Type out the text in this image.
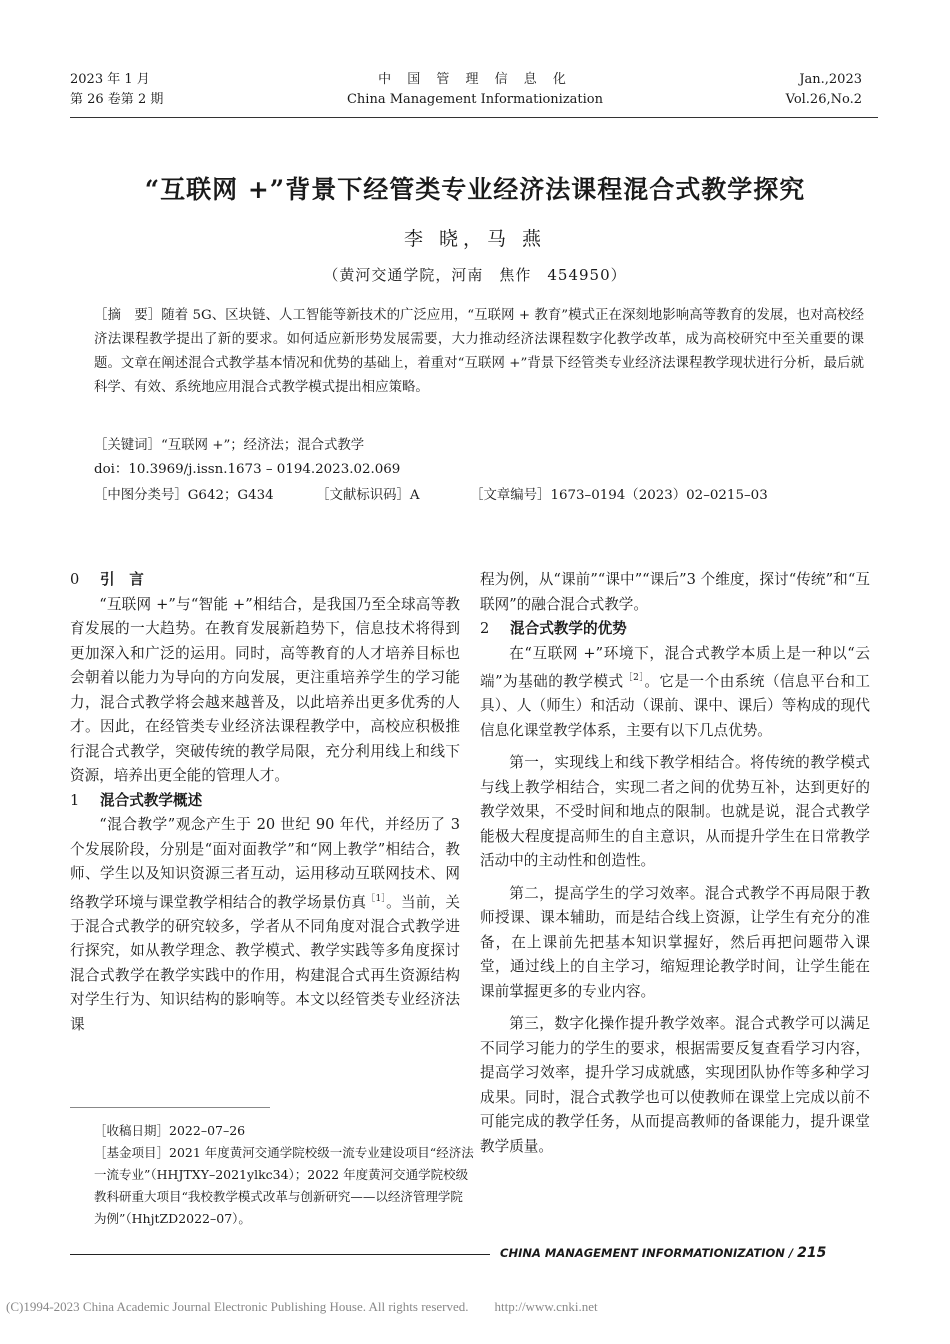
2023 年 1 月
第 26 卷第 2 期
中 国 管 理 信 息 化
China Management Informationization
Jan.,2023
Vol.26,No.2
“互联网 +”背景下经管类专业经济法课程混合式教学探究
李 晓，马 燕
（黄河交通学院，河南　焦作　454950）
［摘　要］随着 5G、区块链、人工智能等新技术的广泛应用，“互联网 + 教育”模式正在深刻地影响高等教育的发展，也对高校经济法课程教学提出了新的要求。如何适应新形势发展需要，大力推动经济法课程数字化教学改革，成为高校研究中至关重要的课题。文章在阐述混合式教学基本情况和优势的基础上，着重对“互联网 +”背景下经管类专业经济法课程教学现状进行分析，最后就科学、有效、系统地应用混合式教学模式提出相应策略。
［关键词］“互联网 +”；经济法；混合式教学
doi：10.3969/j.issn.1673 – 0194.2023.02.069
［中图分类号］G642；G434	［文献标识码］A	［文章编号］1673–0194（2023）02–0215–03
0 引　言

“互联网 +”与“智能 +”相结合，是我国乃至全球高等教育发展的一大趋势。在教育发展新趋势下，信息技术将得到更加深入和广泛的运用。同时，高等教育的人才培养目标也会朝着以能力为导向的方向发展，更注重培养学生的学习能力，混合式教学将会越来越普及，以此培养出更多优秀的人才。因此，在经管类专业经济法课程教学中，高校应积极推行混合式教学，突破传统的教学局限，充分利用线上和线下资源，培养出更全能的管理人才。

1 混合式教学概述

“混合教学”观念产生于 20 世纪 90 年代，并经历了 3 个发展阶段，分别是“面对面教学”和“网上教学”相结合，教师、学生以及知识资源三者互动，运用移动互联网技术、网络教学环境与课堂教学相结合的教学场景仿真$^{[1]}$。当前，关于混合式教学的研究较多，学者从不同角度对混合式教学进行探究，如从教学理念、教学模式、教学实践等多角度探讨混合式教学在教学实践中的作用，构建混合式再生资源结构对学生行为、知识结构的影响等。本文以经管类专业经济法课

［收稿日期］2022–07–26

［基金项目］2021 年度黄河交通学院校级一流专业建设项目“经济法一流专业”（HHJTXY–2021ylkc34）；2022 年度黄河交通学院校级教科研重大项目“我校教学模式改革与创新研究——以经济管理学院为例”（HhjtZD2022–07）。

程为例，从“课前”“课中”“课后”3 个维度，探讨“传统”和“互联网”的融合混合式教学。

2 混合式教学的优势

在“互联网 +”环境下，混合式教学本质上是一种以“云端”为基础的教学模式$^{[2]}$。它是一个由系统（信息平台和工具）、人（师生）和活动（课前、课中、课后）等构成的现代信息化课堂教学体系，主要有以下几点优势。

第一，实现线上和线下教学相结合。将传统的教学模式与线上教学相结合，实现二者之间的优势互补，达到更好的教学效果，不受时间和地点的限制。也就是说，混合式教学能极大程度提高师生的自主意识，从而提升学生在日常教学活动中的主动性和创造性。

第二，提高学生的学习效率。混合式教学不再局限于教师授课、课本辅助，而是结合线上资源，让学生有充分的准备，在上课前先把基本知识掌握好，然后再把问题带入课堂，通过线上的自主学习，缩短理论教学时间，让学生能在课前掌握更多的专业内容。

第三，数字化操作提升教学效率。混合式教学可以满足不同学习能力的学生的要求，根据需要反复查看学习内容，提高学习效率，提升学习成就感，实现团队协作等多种学习成果。同时，混合式教学也可以使教师在课堂上完成以前不可能完成的教学任务，从而提高教师的备课能力，提升课堂教学质量。

CHINA MANAGEMENT INFORMATIONIZATION / 215
(C)1994-2023 China Academic Journal Electronic Publishing House. All rights reserved.　　http://www.cnki.net
